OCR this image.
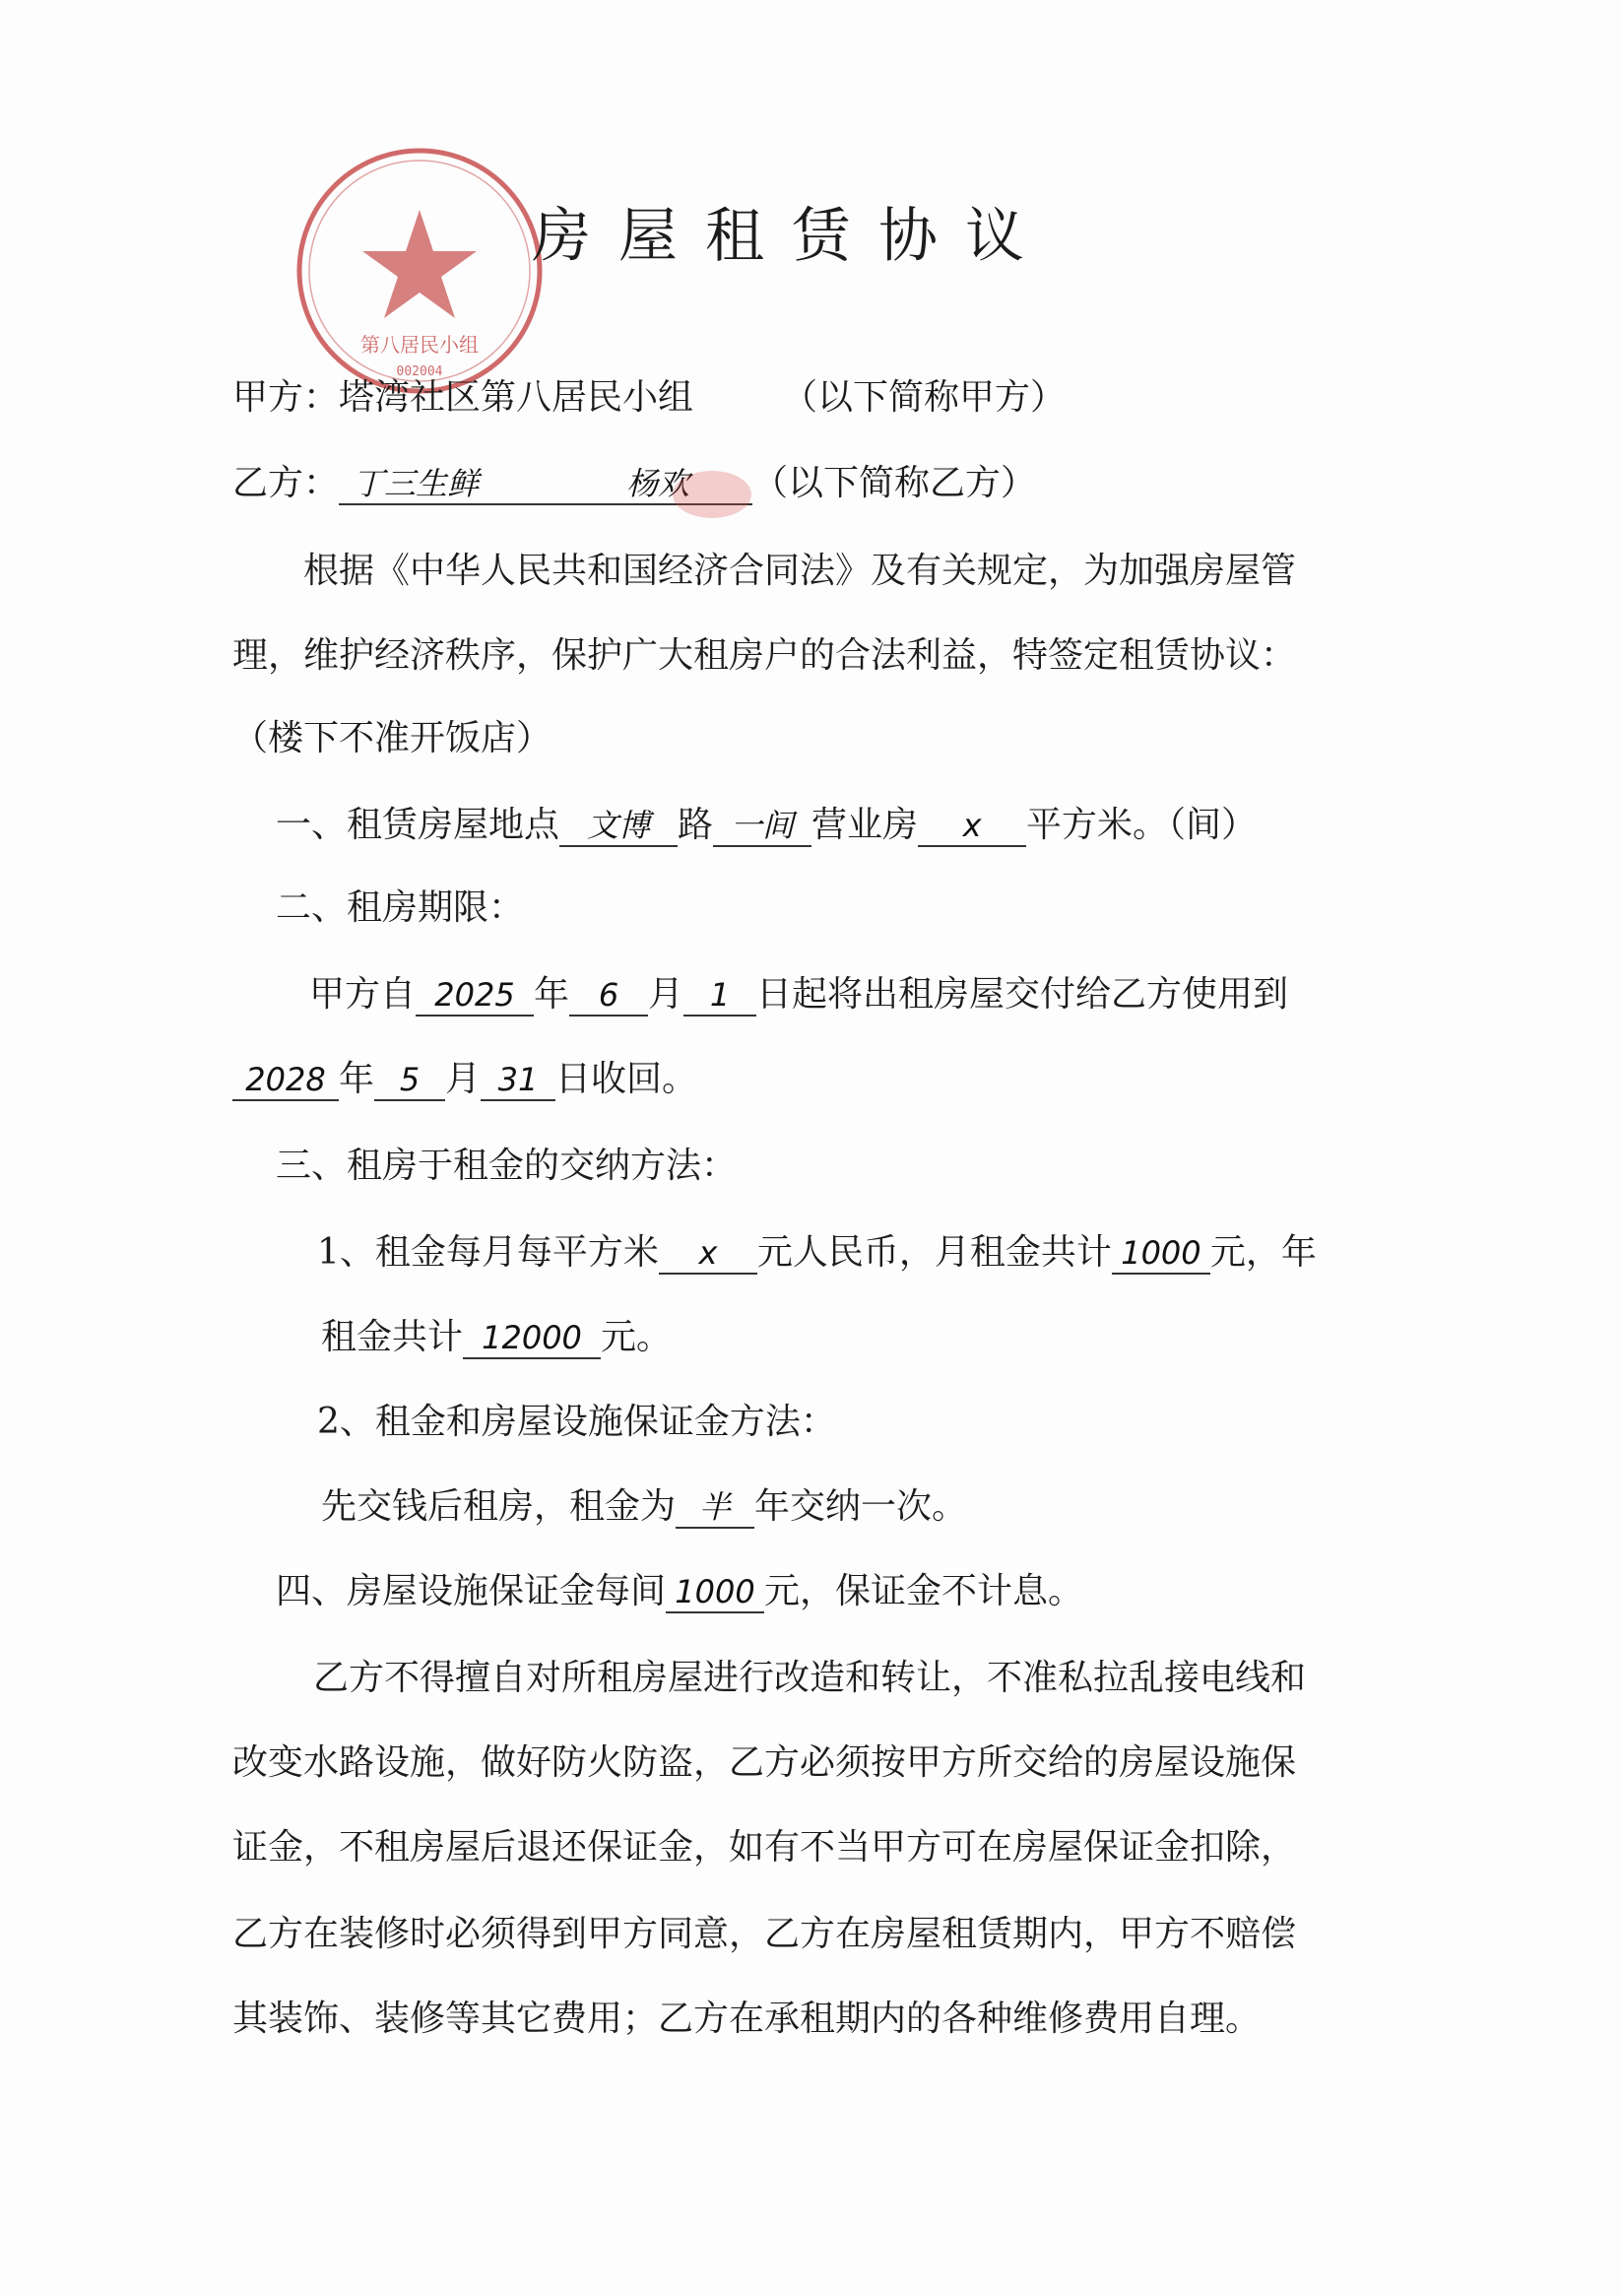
第八居民小组
002004
房屋租赁协议
甲方：塔湾社区第八居民小组	（以下简称甲方）
乙方： 丁三生鲜	杨欢 （以下简称乙方）
根据《中华人民共和国经济合同法》及有关规定，为加强房屋管
理，维护经济秩序，保护广大租房户的合法利益，特签定租赁协议：
（楼下不准开饭店）
一、租赁房屋地点 文博 路 一间 营业房 x 平方米。（间）
二、租房期限：
甲方自 2025 年 6 月 1 日起将出租房屋交付给乙方使用到
2028 年 5 月 31 日收回。
三、租房于租金的交纳方法：
1、租金每月每平方米 x 元人民币，月租金共计 1000 元，年
租金共计 12000 元。
2、租金和房屋设施保证金方法：
先交钱后租房，租金为 半 年交纳一次。
四、房屋设施保证金每间 1000 元，保证金不计息。
乙方不得擅自对所租房屋进行改造和转让，不准私拉乱接电线和
改变水路设施，做好防火防盗，乙方必须按甲方所交给的房屋设施保
证金，不租房屋后退还保证金，如有不当甲方可在房屋保证金扣除，
乙方在装修时必须得到甲方同意，乙方在房屋租赁期内，甲方不赔偿
其装饰、装修等其它费用；乙方在承租期内的各种维修费用自理。
